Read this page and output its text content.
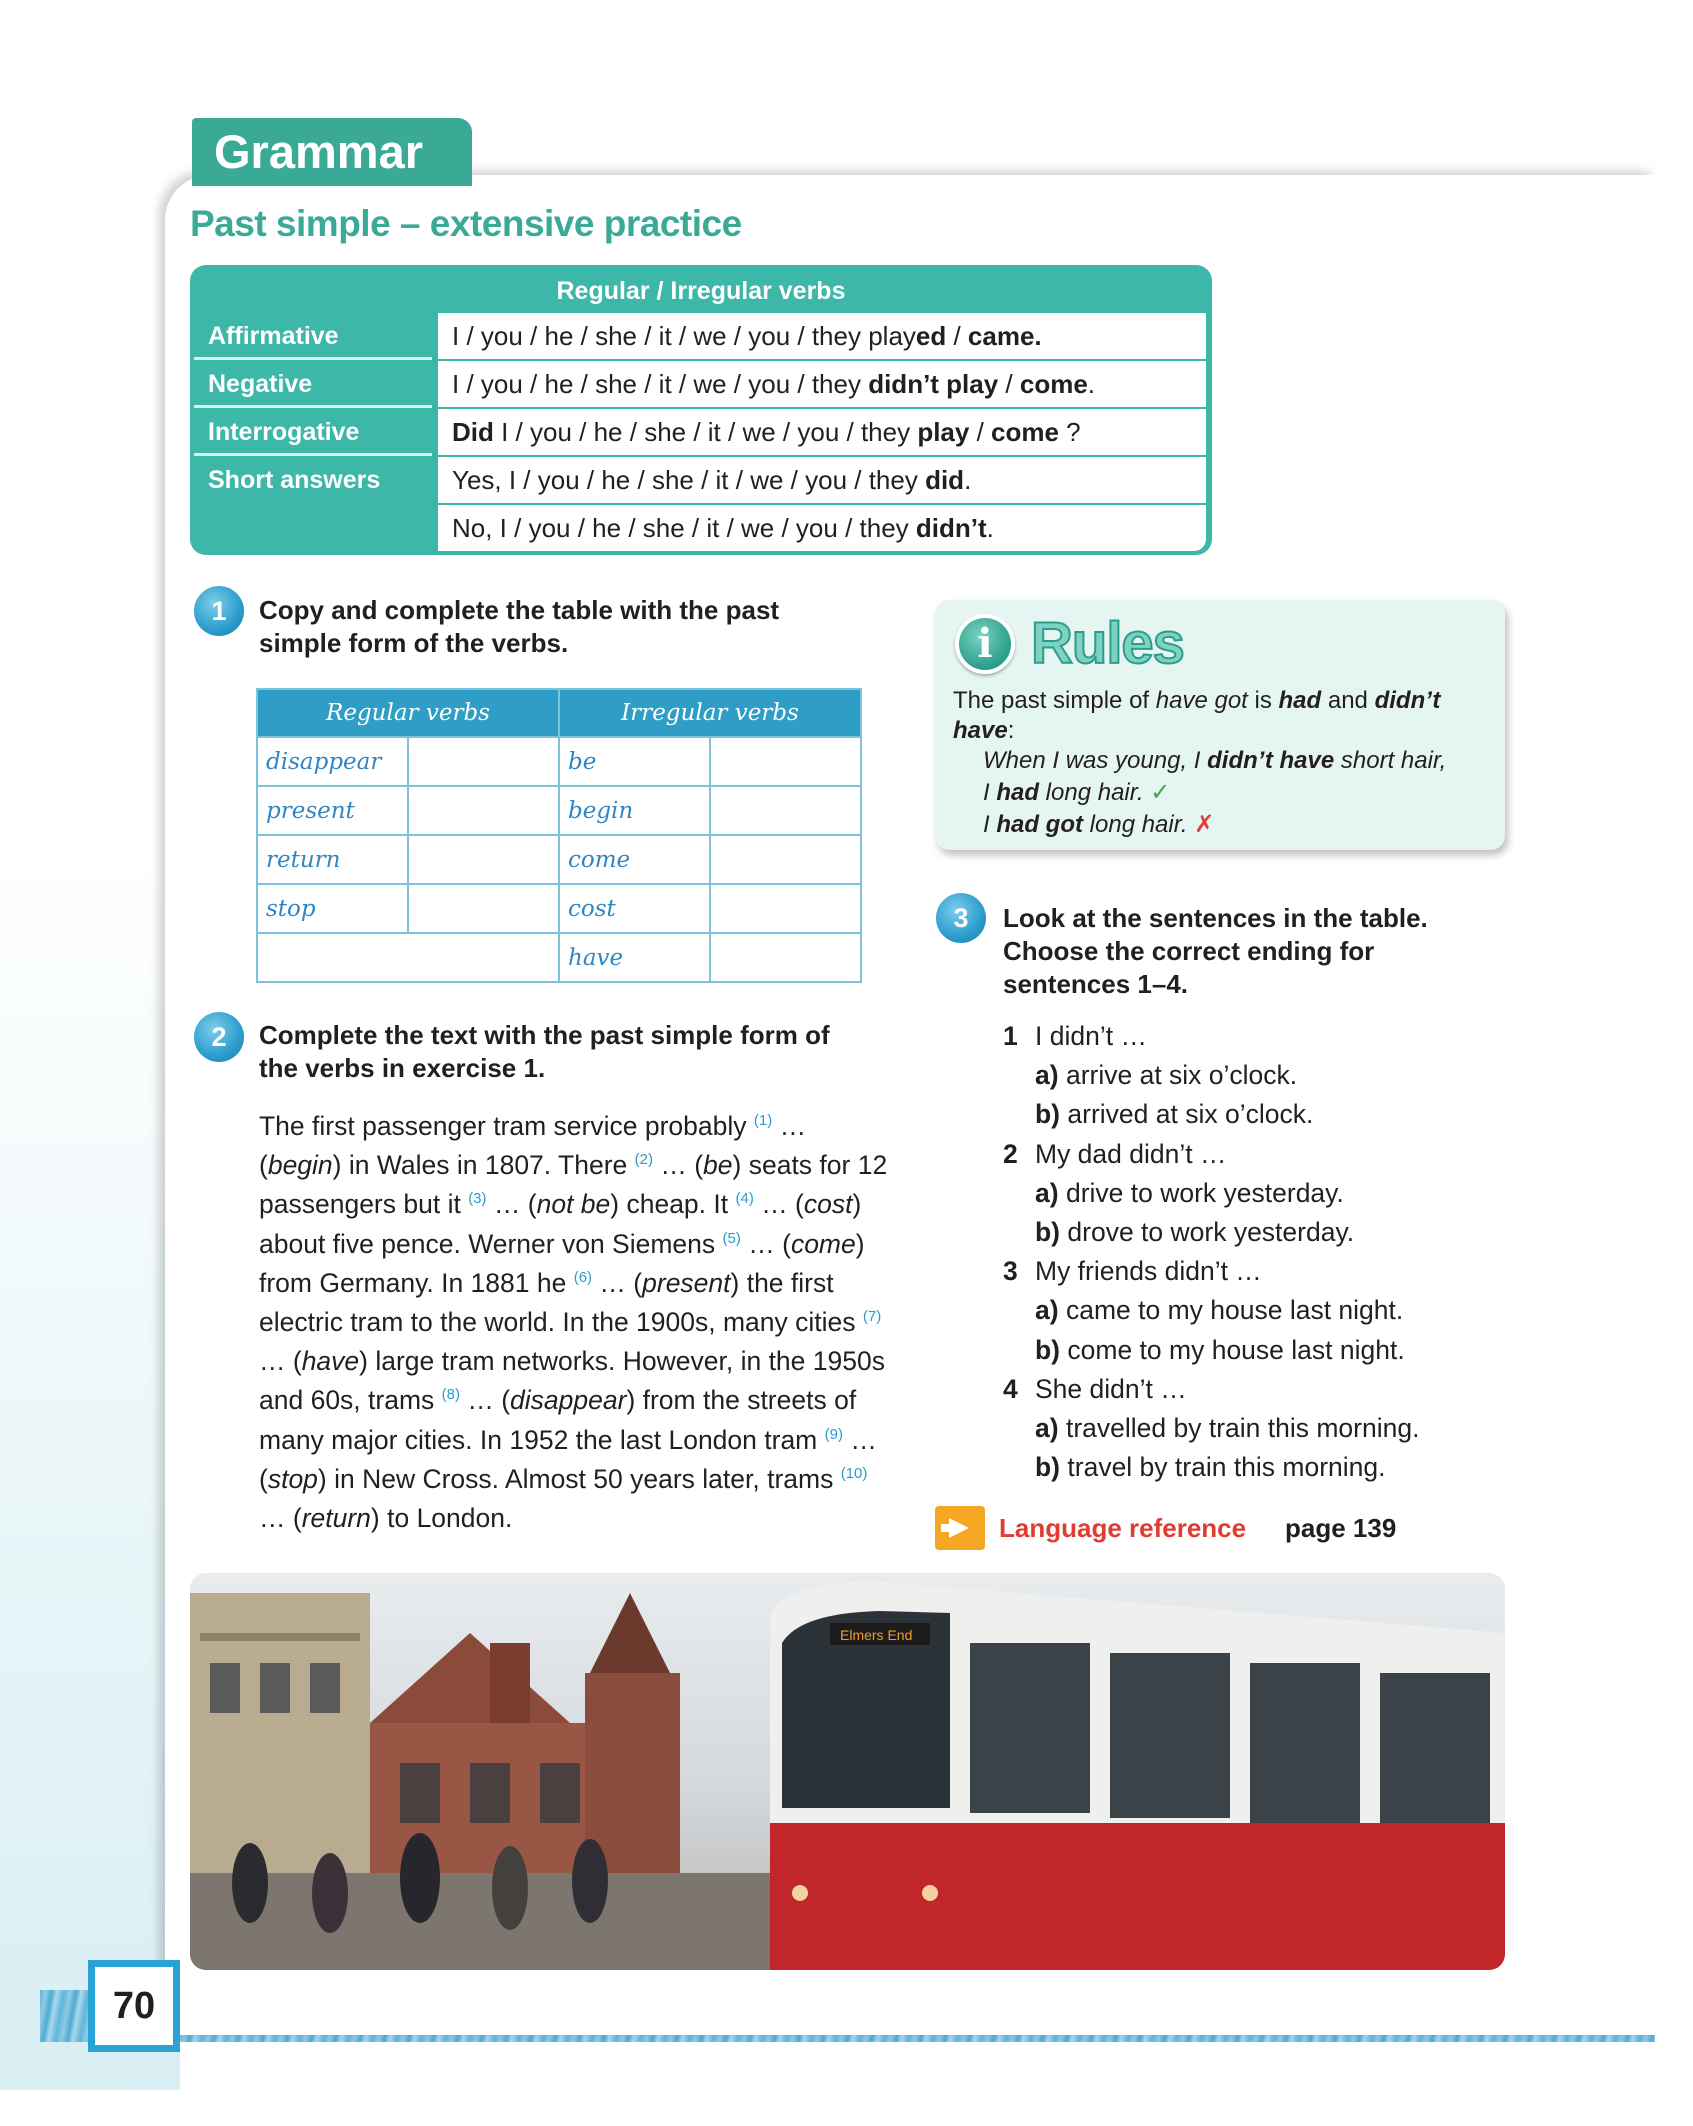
Grammar
Past simple – extensive practice
Regular / Irregular verbs
Affirmative	I / you / he / she / it / we / you / they played / came.
Negative	I / you / he / she / it / we / you / they didn’t play / come.
Interrogative	Did I / you / he / she / it / we / you / they play / come ?
Short answers	Yes, I / you / he / she / it / we / you / they did.
No, I / you / he / she / it / we / you / they didn’t.
1	Copy and complete the table with the past
simple form of the verbs.
Regular verbs		Irregular verbs	
disappear		be	
present		begin	
return		come	
stop		cost	
		have	
2	Complete the text with the past simple form of
the verbs in exercise 1.
The first passenger tram service probably $^{(1)}$ … (begin) in Wales in 1807. There $^{(2)}$ … (be) seats for 12 passengers but it $^{(3)}$ … (not be) cheap. It $^{(4)}$ … (cost) about five pence. Werner von Siemens $^{(5)}$ … (come) from Germany. In 1881 he $^{(6)}$ … (present) the first electric tram to the world. In the 1900s, many cities $^{(7)}$ … (have) large tram networks. However, in the 1950s and 60s, trams $^{(8)}$ … (disappear) from the streets of many major cities. In 1952 the last London tram $^{(9)}$ … (stop) in New Cross. Almost 50 years later, trams $^{(10)}$ … (return) to London.
i Rules
The past simple of have got is had and didn’t have:
When I was young, I didn’t have short hair,
I had long hair. ✓
I had got long hair. ✗
3	Look at the sentences in the table.
Choose the correct ending for
sentences 1–4.
1 I didn’t …
a) arrive at six o’clock.
b) arrived at six o’clock.
2 My dad didn’t …
a) drive to work yesterday.
b) drove to work yesterday.
3 My friends didn’t …
a) came to my house last night.
b) come to my house last night.
4 She didn’t …
a) travelled by train this morning.
b) travel by train this morning.
Language reference page 139
Elmers End
70
